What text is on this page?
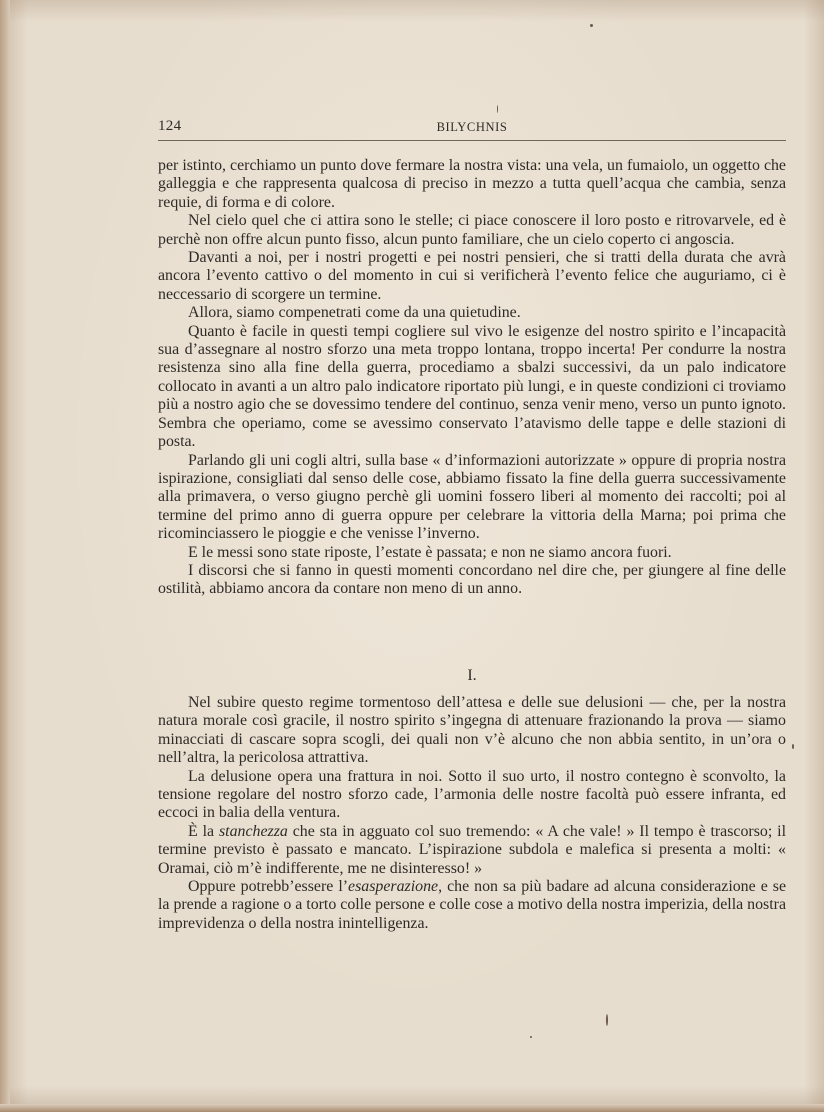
124	BILYCHNIS

per istinto, cerchiamo un punto dove fermare la nostra vista: una vela, un fumaiolo, un oggetto che galleggia e che rappresenta qualcosa di preciso in mezzo a tutta quell’acqua che cambia, senza requie, di forma e di colore.

Nel cielo quel che ci attira sono le stelle; ci piace conoscere il loro posto e ritrovarvele, ed è perchè non offre alcun punto fisso, alcun punto familiare, che un cielo coperto ci angoscia.

Davanti a noi, per i nostri progetti e pei nostri pensieri, che si tratti della durata che avrà ancora l’evento cattivo o del momento in cui si verificherà l’evento felice che auguriamo, ci è neccessario di scorgere un termine.

Allora, siamo compenetrati come da una quietudine.

Quanto è facile in questi tempi cogliere sul vivo le esigenze del nostro spirito e l’incapacità sua d’assegnare al nostro sforzo una meta troppo lontana, troppo incerta! Per condurre la nostra resistenza sino alla fine della guerra, procediamo a sbalzi successivi, da un palo indicatore collocato in avanti a un altro palo indicatore riportato più lungi, e in queste condizioni ci troviamo più a nostro agio che se dovessimo tendere del continuo, senza venir meno, verso un punto ignoto. Sembra che operiamo, come se avessimo conservato l’atavismo delle tappe e delle stazioni di posta.

Parlando gli uni cogli altri, sulla base « d’informazioni autorizzate » oppure di propria nostra ispirazione, consigliati dal senso delle cose, abbiamo fissato la fine della guerra successivamente alla primavera, o verso giugno perchè gli uomini fossero liberi al momento dei raccolti; poi al termine del primo anno di guerra oppure per celebrare la vittoria della Marna; poi prima che ricominciassero le pioggie e che venisse l’inverno.

E le messi sono state riposte, l’estate è passata; e non ne siamo ancora fuori.

I discorsi che si fanno in questi momenti concordano nel dire che, per giungere al fine delle ostilità, abbiamo ancora da contare non meno di un anno.

I.

Nel subire questo regime tormentoso dell’attesa e delle sue delusioni — che, per la nostra natura morale così gracile, il nostro spirito s’ingegna di attenuare frazionando la prova — siamo minacciati di cascare sopra scogli, dei quali non v’è alcuno che non abbia sentito, in un’ora o nell’altra, la pericolosa attrattiva.

La delusione opera una frattura in noi. Sotto il suo urto, il nostro contegno è sconvolto, la tensione regolare del nostro sforzo cade, l’armonia delle nostre facoltà può essere infranta, ed eccoci in balia della ventura.

È la stanchezza che sta in agguato col suo tremendo: « A che vale! » Il tempo è trascorso; il termine previsto è passato e mancato. L’ispirazione subdola e malefica si presenta a molti: « Oramai, ciò m’è indifferente, me ne disinteresso! »

Oppure potrebb’essere l’esasperazione, che non sa più badare ad alcuna considerazione e se la prende a ragione o a torto colle persone e colle cose a motivo della nostra imperizia, della nostra imprevidenza o della nostra inintelligenza.
